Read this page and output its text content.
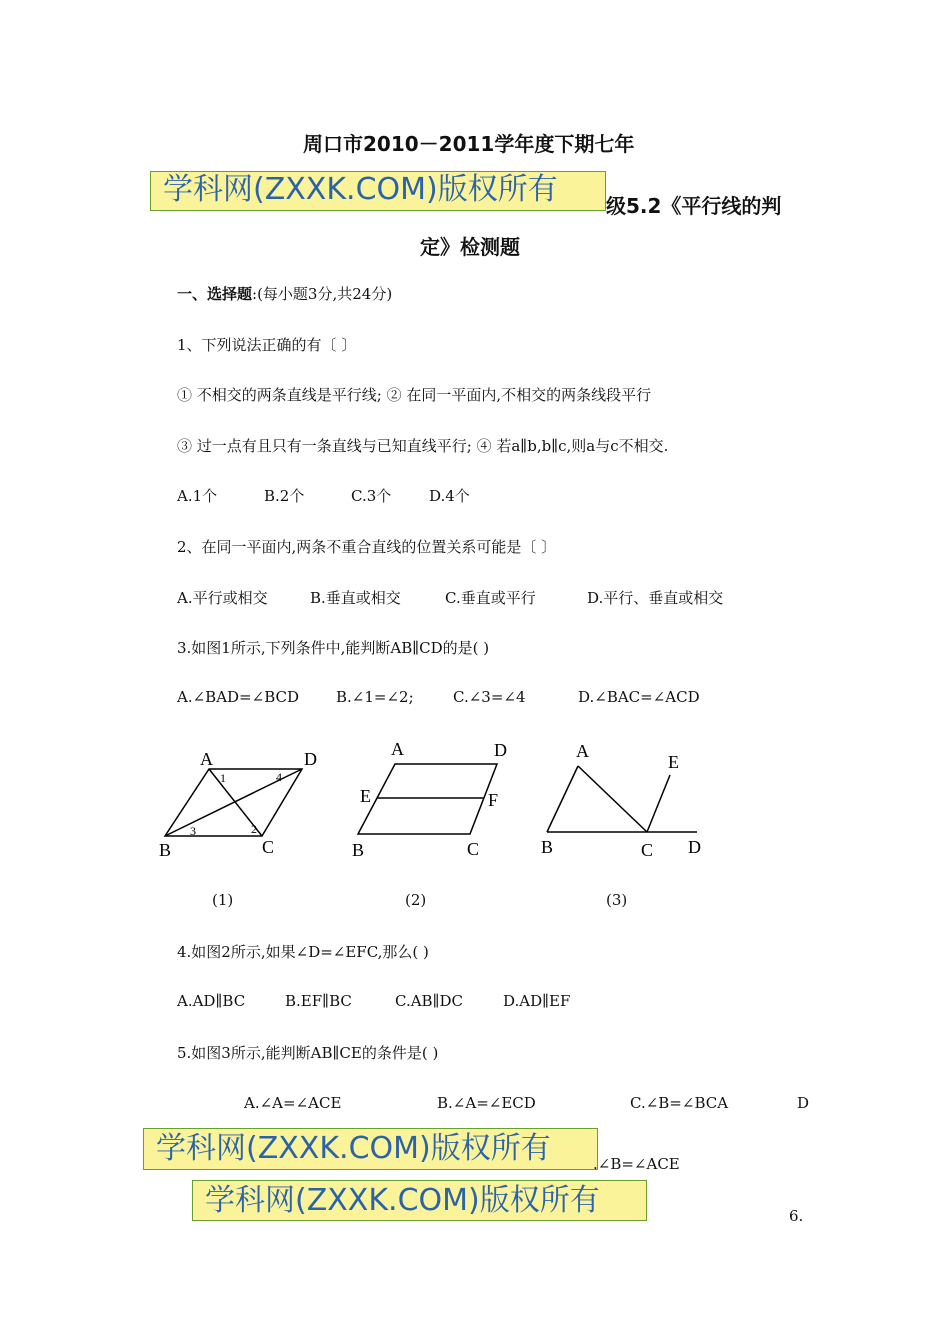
周口市2010－2011学年度下期七年
学科网(ZXXK.COM)版权所有	级5.2《平行线的判
定》检测题
一、选择题:(每小题3分,共24分)
1、下列说法正确的有〔 〕
① 不相交的两条直线是平行线; ② 在同一平面内,不相交的两条线段平行
③ 过一点有且只有一条直线与已知直线平行; ④ 若a∥b,b∥c,则a与c不相交.
A.1个	B.2个	C.3个	D.4个
2、在同一平面内,两条不重合直线的位置关系可能是〔 〕
A.平行或相交	B.垂直或相交	C.垂直或平行	D.平行、垂直或相交
3.如图1所示,下列条件中,能判断AB∥CD的是( )
A.∠BAD=∠BCD B.∠1=∠2;	C.∠3=∠4	D.∠BAC=∠ACD
A	D
B	C
1	4
3	2
A	D
E	F
B	C
A
E
B	C D
(1)	(2)	(3)
4.如图2所示,如果∠D=∠EFC,那么( )
A.AD∥BC	B.EF∥BC	C.AB∥DC	D.AD∥EF
5.如图3所示,能判断AB∥CE的条件是( )
A.∠A=∠ACE	B.∠A=∠ECD	C.∠B=∠BCA	D
学科网(ZXXK.COM)版权所有	.∠B=∠ACE
学科网(ZXXK.COM)版权所有	6.
